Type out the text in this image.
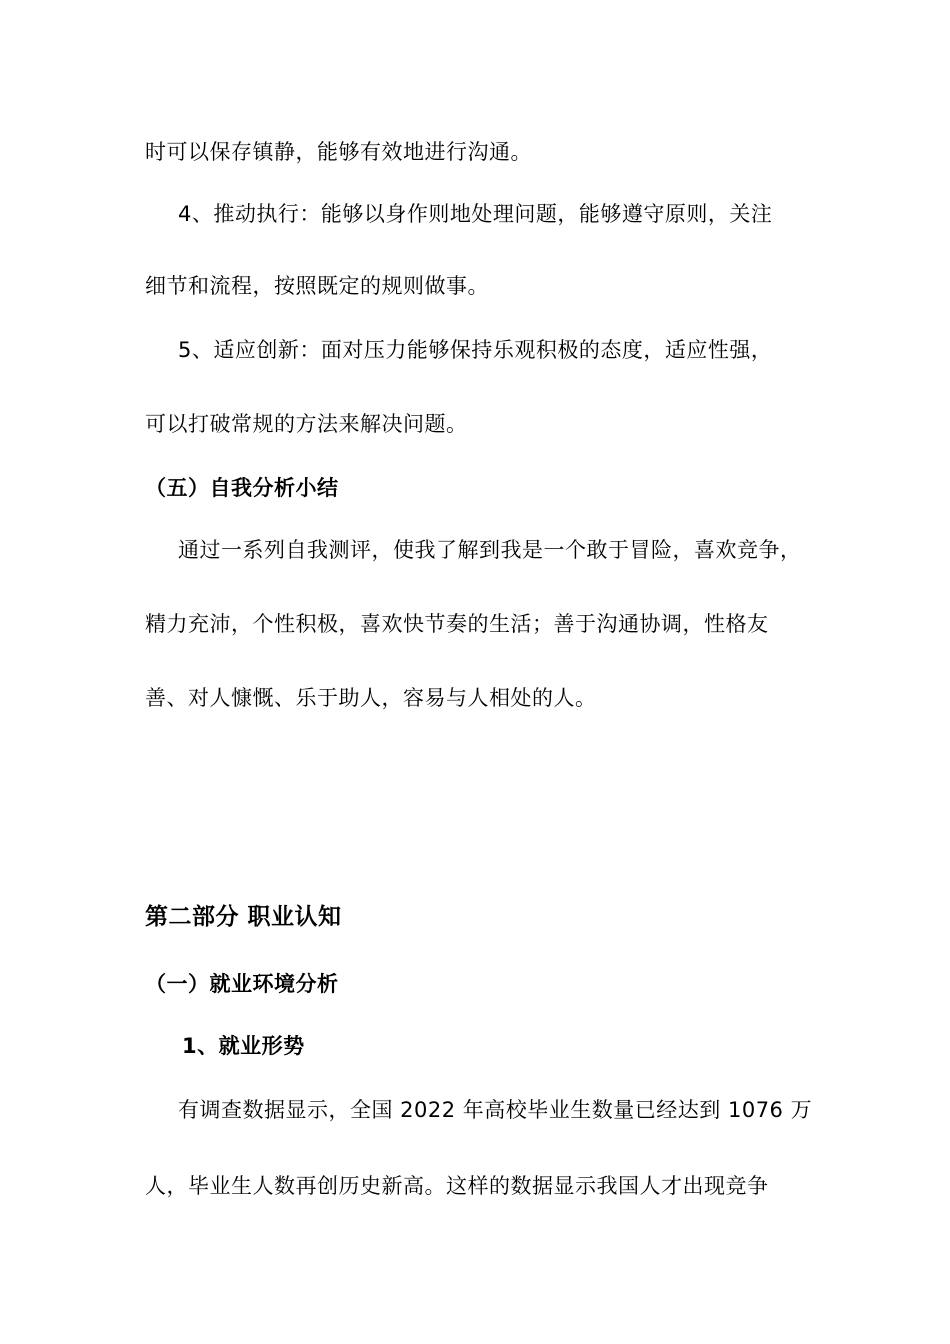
时可以保存镇静，能够有效地进行沟通。
4、推动执行：能够以身作则地处理问题，能够遵守原则，关注
细节和流程，按照既定的规则做事。
5、适应创新：面对压力能够保持乐观积极的态度，适应性强，
可以打破常规的方法来解决问题。
（五）自我分析小结
通过一系列自我测评，使我了解到我是一个敢于冒险，喜欢竞争，
精力充沛，个性积极，喜欢快节奏的生活；善于沟通协调，性格友
善、对人慷慨、乐于助人，容易与人相处的人。
第二部分 职业认知
（一）就业环境分析
1、就业形势
有调查数据显示，全国 2022 年高校毕业生数量已经达到 1076 万
人，毕业生人数再创历史新高。这样的数据显示我国人才出现竞争
